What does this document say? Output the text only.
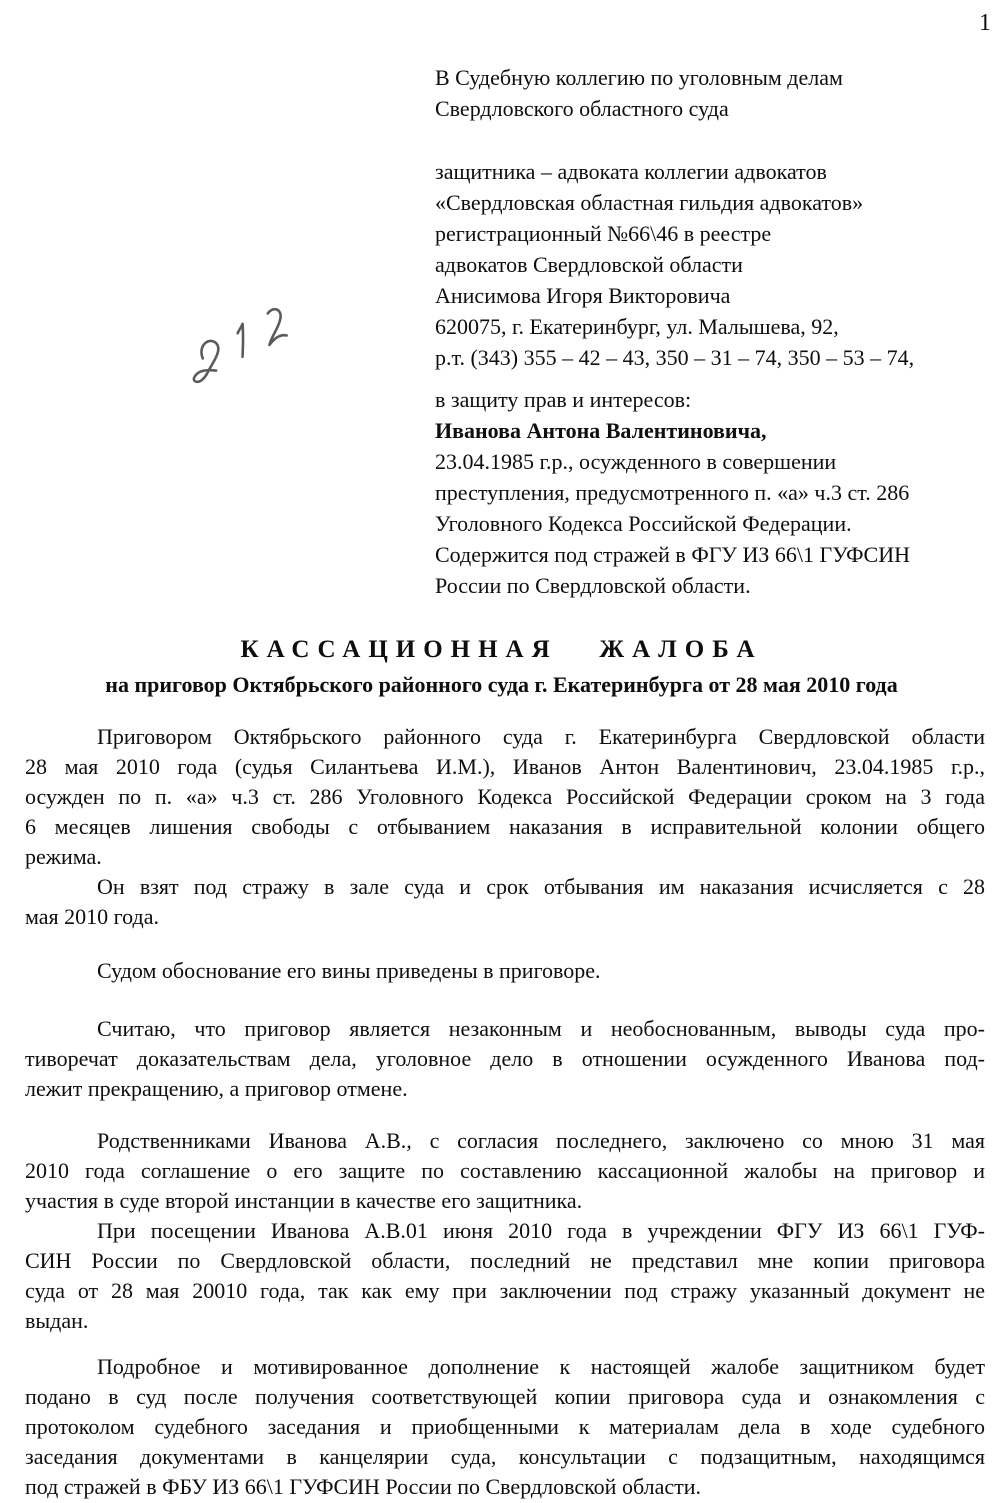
1
В Судебную коллегию по уголовным делам
Свердловского областного суда
защитника – адвоката коллегии адвокатов
«Свердловская областная гильдия адвокатов»
регистрационный №66\46 в реестре
адвокатов Свердловской области
Анисимова Игоря Викторовича
620075, г. Екатеринбург, ул. Малышева, 92,
р.т. (343) 355 – 42 – 43, 350 – 31 – 74, 350 – 53 – 74,
в защиту прав и интересов:
Иванова Антона Валентиновича,
23.04.1985 г.р., осужденного в совершении
преступления, предусмотренного п. «а» ч.3 ст. 286
Уголовного Кодекса Российской Федерации.
Содержится под стражей в ФГУ ИЗ 66\1 ГУФСИН
России по Свердловской области.
КАССАЦИОННАЯ ЖАЛОБА
на приговор Октябрьского районного суда г. Екатеринбурга от 28 мая 2010 года
Приговором Октябрьского районного суда г. Екатеринбурга Свердловской области
28 мая 2010 года (судья Силантьева И.М.), Иванов Антон Валентинович, 23.04.1985 г.р.,
осужден по п. «а» ч.3 ст. 286 Уголовного Кодекса Российской Федерации сроком на 3 года
6 месяцев лишения свободы с отбыванием наказания в исправительной колонии общего
режима.
Он взят под стражу в зале суда и срок отбывания им наказания исчисляется с 28
мая 2010 года.
Судом обоснование его вины приведены в приговоре.
Считаю, что приговор является незаконным и необоснованным, выводы суда про-
тиворечат доказательствам дела, уголовное дело в отношении осужденного Иванова под-
лежит прекращению, а приговор отмене.
Родственниками Иванова А.В., с согласия последнего, заключено со мною 31 мая
2010 года соглашение о его защите по составлению кассационной жалобы на приговор и
участия в суде второй инстанции в качестве его защитника.
При посещении Иванова А.В.01 июня 2010 года в учреждении ФГУ ИЗ 66\1 ГУФ-
СИН России по Свердловской области, последний не представил мне копии приговора
суда от 28 мая 20010 года, так как ему при заключении под стражу указанный документ не
выдан.
Подробное и мотивированное дополнение к настоящей жалобе защитником будет
подано в суд после получения соответствующей копии приговора суда и ознакомления с
протоколом судебного заседания и приобщенными к материалам дела в ходе судебного
заседания документами в канцелярии суда, консультации с подзащитным, находящимся
под стражей в ФБУ ИЗ 66\1 ГУФСИН России по Свердловской области.
